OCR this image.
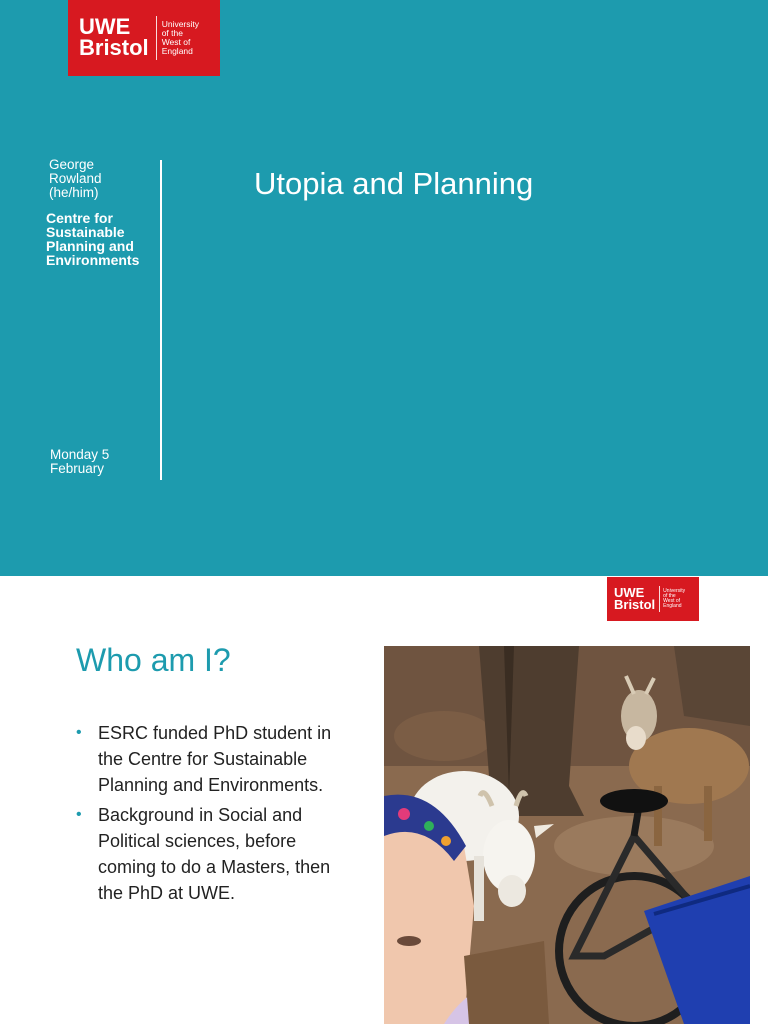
UWE
Bristol
University
of the
West of
England
George
Rowland
(he/him)
Centre for
Sustainable
Planning and
Environments
Monday 5
February
Utopia and Planning
UWE
Bristol
University
of the
West of
England
Who am I?
• ESRC funded PhD student in
the Centre for Sustainable
Planning and Environments.
• Background in Social and
Political sciences, before
coming to do a Masters, then
the PhD at UWE.
